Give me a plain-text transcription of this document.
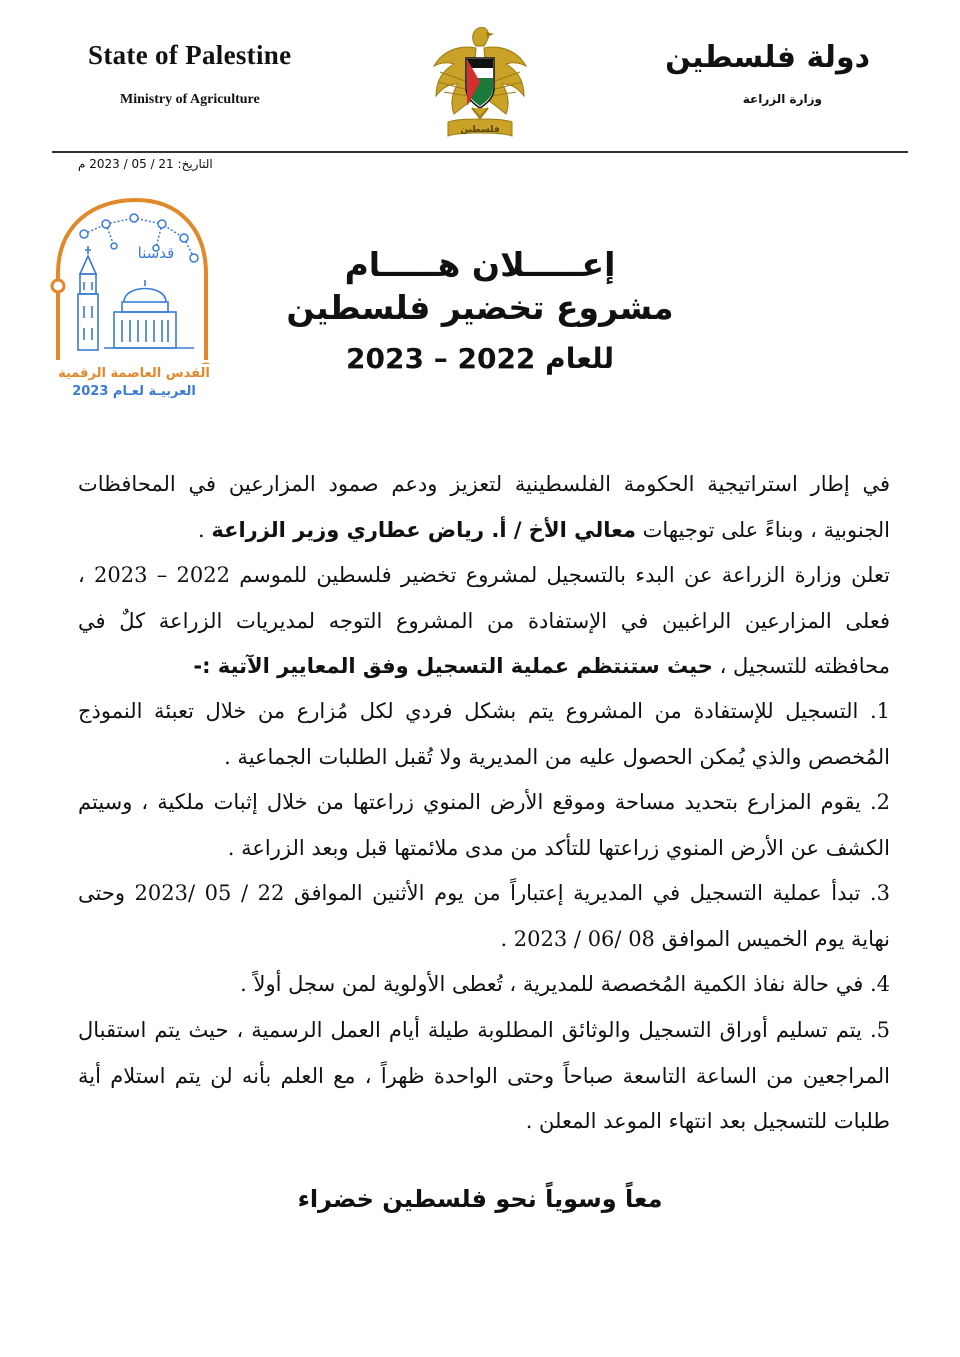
State of Palestine
Ministry of Agriculture
دولة فلسطين
وزارة الزراعة
فلسطين
التاريخ: 21 / 05 / 2023 م
قدسنا
القدس العاصمة الرقمية
العربيـة لعـام 2023
إعـــــلان هـــــام
مشروع تخضير فلسطين
للعام 2022 – 2023
في إطار استراتيجية الحكومة الفلسطينية لتعزيز ودعم صمود المزارعين في المحافظات الجنوبية ، وبناءً على توجيهات معالي الأخ / أ. رياض عطاري وزير الزراعة .
تعلن وزارة الزراعة عن البدء بالتسجيل لمشروع تخضير فلسطين للموسم 2022 – 2023 ، فعلى المزارعين الراغبين في الإستفادة من المشروع التوجه لمديريات الزراعة كلٌ في محافظته للتسجيل ، حيث ستنتظم عملية التسجيل وفق المعايير الآتية :-
1. التسجيل للإستفادة من المشروع يتم بشكل فردي لكل مُزارع من خلال تعبئة النموذج المُخصص والذي يُمكن الحصول عليه من المديرية ولا تُقبل الطلبات الجماعية .
2. يقوم المزارع بتحديد مساحة وموقع الأرض المنوي زراعتها من خلال إثبات ملكية ، وسيتم الكشف عن الأرض المنوي زراعتها للتأكد من مدى ملائمتها قبل وبعد الزراعة .
3. تبدأ عملية التسجيل في المديرية إعتباراً من يوم الأثنين الموافق 22 / 05 /2023 وحتى نهاية يوم الخميس الموافق 08 /06 / 2023 .
4. في حالة نفاذ الكمية المُخصصة للمديرية ، تُعطى الأولوية لمن سجل أولاً .
5. يتم تسليم أوراق التسجيل والوثائق المطلوبة طيلة أيام العمل الرسمية ، حيث يتم استقبال المراجعين من الساعة التاسعة صباحاً وحتى الواحدة ظهراً ، مع العلم بأنه لن يتم استلام أية طلبات للتسجيل بعد انتهاء الموعد المعلن .
معاً وسوياً نحو فلسطين خضراء
